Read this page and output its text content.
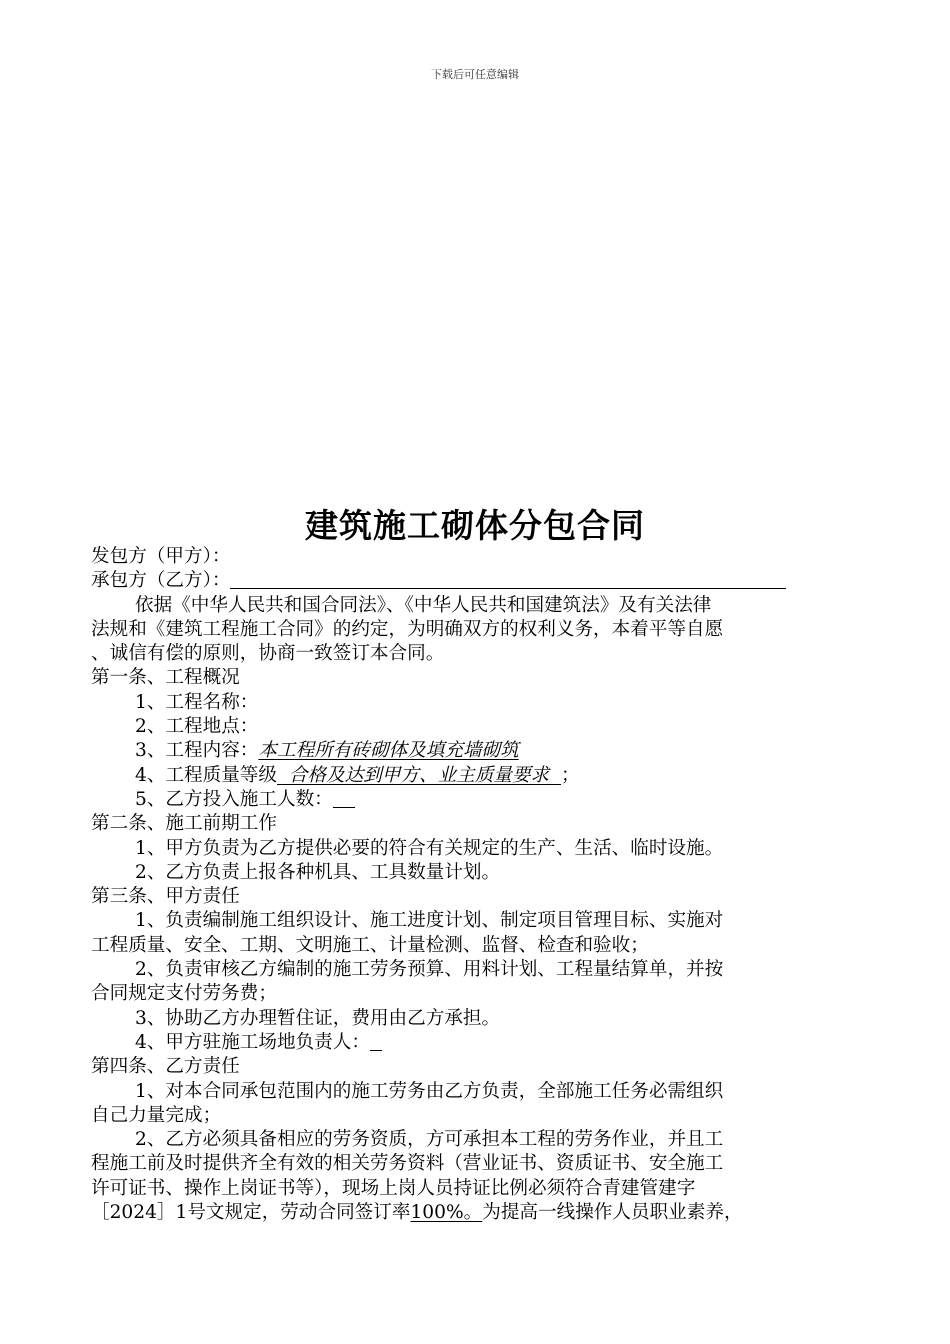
下载后可任意编辑
建筑施工砌体分包合同
发包方（甲方）：
承包方（乙方）：
依据《中华人民共和国合同法》、《中华人民共和国建筑法》及有关法律
法规和《建筑工程施工合同》的约定，为明确双方的权利义务，本着平等自愿
、诚信有偿的原则，协商一致签订本合同。
第一条、工程概况
1、工程名称：
2、工程地点：
3、工程内容：本工程所有砖砌体及填充墙砌筑
4、工程质量等级  合格及达到甲方、业主质量要求  ；
5、乙方投入施工人数：
第二条、施工前期工作
1、甲方负责为乙方提供必要的符合有关规定的生产、生活、临时设施。
2、乙方负责上报各种机具、工具数量计划。
第三条、甲方责任
1、负责编制施工组织设计、施工进度计划、制定项目管理目标、实施对
工程质量、安全、工期、文明施工、计量检测、监督、检查和验收；
2、负责审核乙方编制的施工劳务预算、用料计划、工程量结算单，并按
合同规定支付劳务费；
3、协助乙方办理暂住证，费用由乙方承担。
4、甲方驻施工场地负责人：
第四条、乙方责任
1、对本合同承包范围内的施工劳务由乙方负责，全部施工任务必需组织
自己力量完成；
2、乙方必须具备相应的劳务资质，方可承担本工程的劳务作业，并且工
程施工前及时提供齐全有效的相关劳务资料（营业证书、资质证书、安全施工
许可证书、操作上岗证书等），现场上岗人员持证比例必须符合青建管建字
［2024］1号文规定，劳动合同签订率100%。为提高一线操作人员职业素养，
